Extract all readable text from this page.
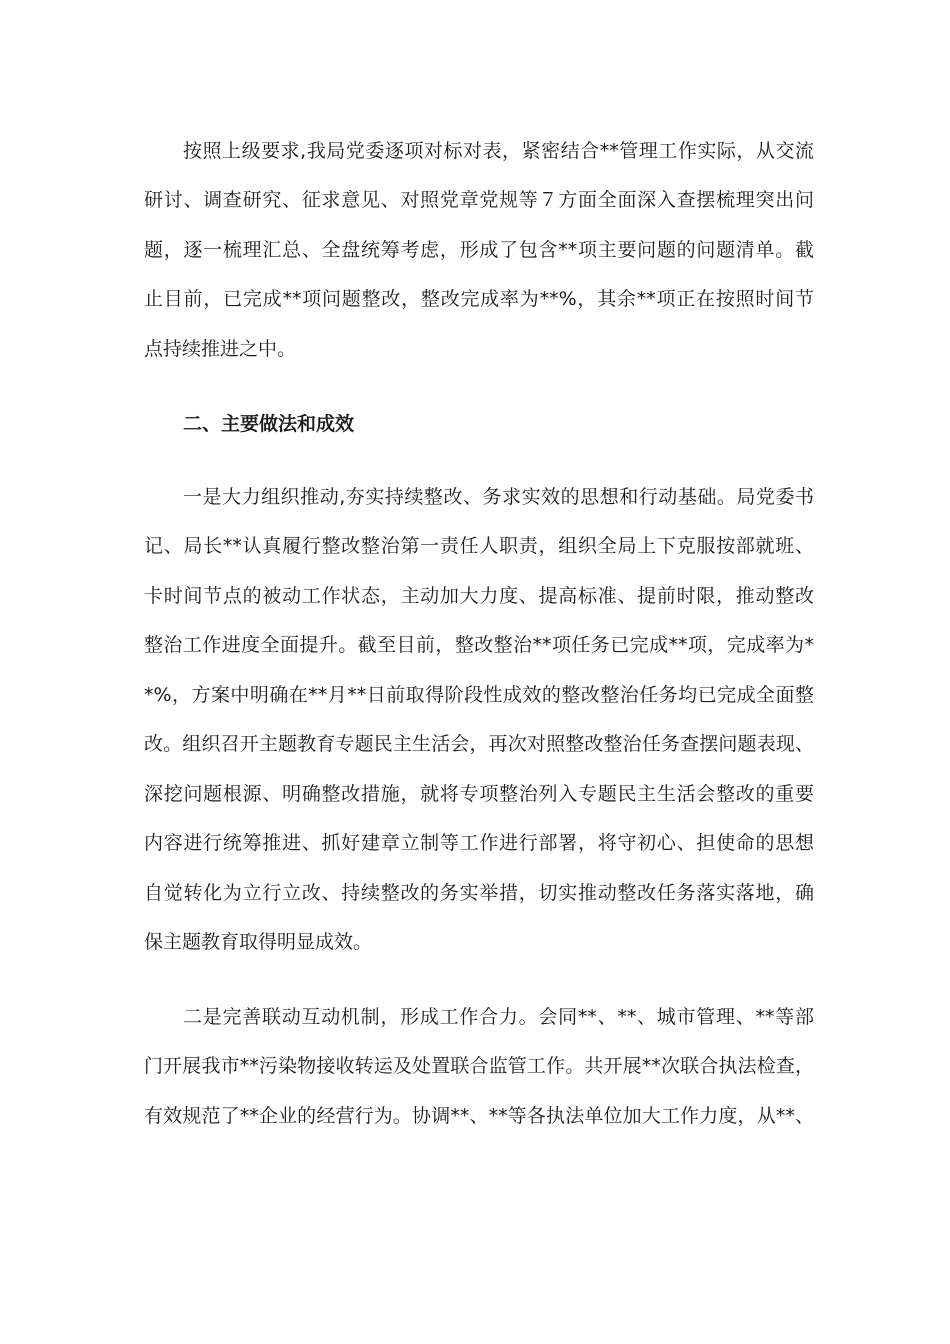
按照上级要求,我局党委逐项对标对表，紧密结合**管理工作实际，从交流
研讨、调查研究、征求意见、对照党章党规等７方面全面深入查摆梳理突出问
题，逐一梳理汇总、全盘统筹考虑，形成了包含**项主要问题的问题清单。截
止目前，已完成**项问题整改，整改完成率为**%，其余**项正在按照时间节
点持续推进之中。
二、主要做法和成效
一是大力组织推动,夯实持续整改、务求实效的思想和行动基础。局党委书
记、局长**认真履行整改整治第一责任人职责，组织全局上下克服按部就班、
卡时间节点的被动工作状态，主动加大力度、提高标准、提前时限，推动整改
整治工作进度全面提升。截至目前，整改整治**项任务已完成**项，完成率为*
*%，方案中明确在**月**日前取得阶段性成效的整改整治任务均已完成全面整
改。组织召开主题教育专题民主生活会，再次对照整改整治任务查摆问题表现、
深挖问题根源、明确整改措施，就将专项整治列入专题民主生活会整改的重要
内容进行统筹推进、抓好建章立制等工作进行部署，将守初心、担使命的思想
自觉转化为立行立改、持续整改的务实举措，切实推动整改任务落实落地，确
保主题教育取得明显成效。
二是完善联动互动机制，形成工作合力。会同**、**、城市管理、**等部
门开展我市**污染物接收转运及处置联合监管工作。共开展**次联合执法检查，
有效规范了**企业的经营行为。协调**、**等各执法单位加大工作力度，从**、
